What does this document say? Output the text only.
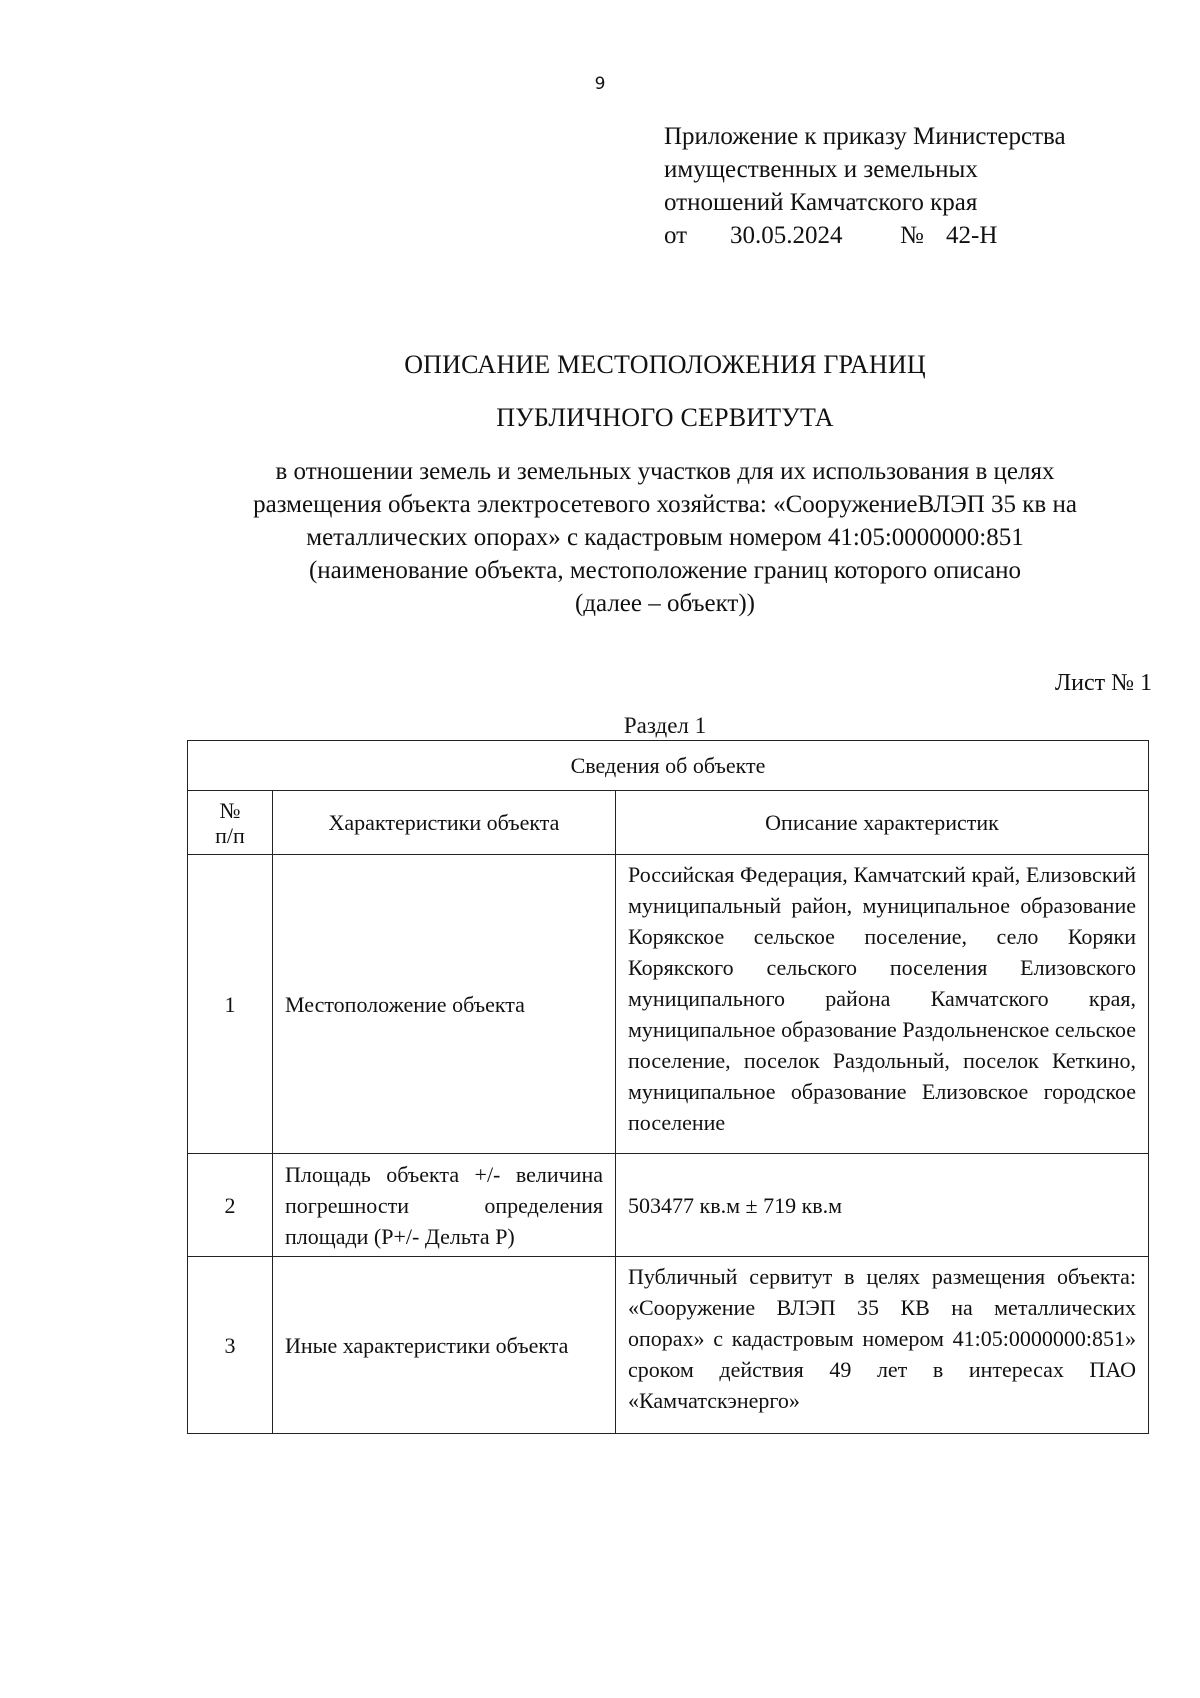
9
Приложение к приказу Министерства
имущественных и земельных
отношений Камчатского края
от 30.05.2024 № 42-Н
ОПИСАНИЕ МЕСТОПОЛОЖЕНИЯ ГРАНИЦ
ПУБЛИЧНОГО СЕРВИТУТА
в отношении земель и земельных участков для их использования в целях
размещения объекта электросетевого хозяйства: «СооружениеВЛЭП 35 кв на
металлических опорах» с кадастровым номером 41:05:0000000:851
(наименование объекта, местоположение границ которого описано
(далее – объект))
Лист № 1
Раздел 1
Сведения об объекте		

№
п/п	Характеристики объекта	Описание характеристик
1	Местоположение объекта	Российская Федерация, Камчатский край, Елизовский муниципальный район, муниципальное образование Корякское сельское поселение, село Коряки Корякского сельского поселения Елизовского муниципального района Камчатского края, муниципальное образование Раздольненское сельское поселение, поселок Раздольный, поселок Кеткино, муниципальное образование Елизовское городское поселение
2	Площадь объекта +/- величина погрешности определения площади (Р+/- Дельта Р)	503477 кв.м ± 719 кв.м
3	Иные характеристики объекта	Публичный сервитут в целях размещения объекта: «Сооружение ВЛЭП 35 КВ на металлических опорах» с кадастровым номером 41:05:0000000:851» сроком действия 49 лет в интересах ПАО «Камчатскэнерго»
